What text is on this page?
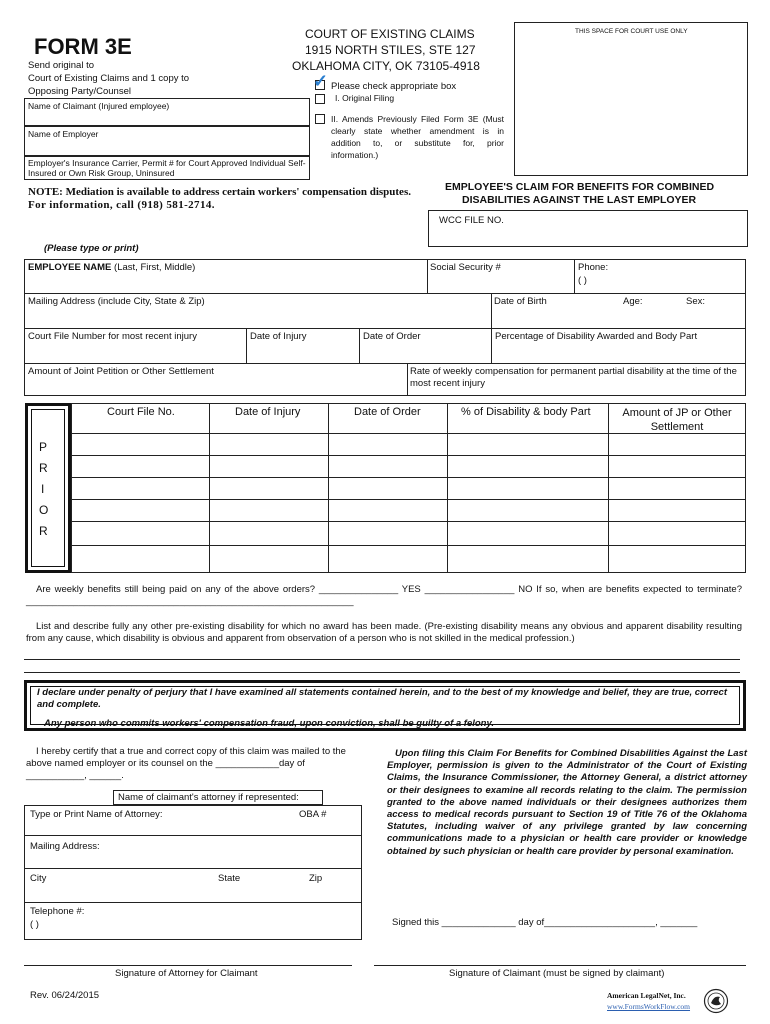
FORM 3E
Send original to
Court of Existing Claims and 1 copy to
Opposing Party/Counsel
COURT OF EXISTING CLAIMS
1915 NORTH STILES, STE 127
OKLAHOMA CITY, OK 73105-4918
THIS SPACE FOR COURT USE ONLY
✓ Please check appropriate box
I. Original Filing
II. Amends Previously Filed Form 3E (Must clearly state whether amendment is in addition to, or substitute for, prior information.)
Name of Claimant (Injured employee)
Name of Employer
Employer's Insurance Carrier, Permit # for Court Approved Individual Self-Insured or Own Risk Group, Uninsured
NOTE: Mediation is available to address certain workers' compensation disputes.
For information, call (918) 581-2714.
EMPLOYEE'S CLAIM FOR BENEFITS FOR COMBINED
DISABILITIES AGAINST THE LAST EMPLOYER
WCC FILE NO.
(Please type or print)
EMPLOYEE NAME (Last, First, Middle)	Social Security #	Phone:
( )
Mailing Address (include City, State & Zip)	Date of Birth	Age:	Sex:
Court File Number for most recent injury	Date of Injury	Date of Order	Percentage of Disability Awarded and Body Part
Amount of Joint Petition or Other Settlement	Rate of weekly compensation for permanent partial disability at the time of the most recent injury
P
R
I
O
R
Court File No.	Date of Injury	Date of Order	% of Disability & body Part	Amount of JP or Other Settlement
Are weekly benefits still being paid on any of the above orders? _______________ YES _________________ NO If so, when are benefits expected to terminate? ______________________________________________________________
List and describe fully any other pre-existing disability for which no award has been made. (Pre-existing disability means any obvious and apparent disability resulting from any cause, which disability is obvious and apparent from observation of a person who is not skilled in the medical profession.)
I declare under penalty of perjury that I have examined all statements contained herein, and to the best of my knowledge and belief, they are true, correct and complete.
Any person who commits workers' compensation fraud, upon conviction, shall be guilty of a felony.
I hereby certify that a true and correct copy of this claim was mailed to the above named employer or its counsel on the ____________day of ___________, ______.
Name of claimant's attorney if represented:
Type or Print Name of Attorney:	OBA #
Mailing Address:
City	State	Zip
Telephone #:
( )
Upon filing this Claim For Benefits for Combined Disabilities Against the Last Employer, permission is given to the Administrator of the Court of Existing Claims, the Insurance Commissioner, the Attorney General, a district attorney or their designees to examine all records relating to the claim. The permission granted to the above named individuals or their designees authorizes them access to medical records pursuant to Section 19 of Title 76 of the Oklahoma Statutes, including waiver of any privilege granted by law concerning communications made to a physician or health care provider or knowledge obtained by such physician or health care provider by personal examination.
Signed this ______________ day of_____________________, _______
Signature of Attorney for Claimant	Signature of Claimant (must be signed by claimant)
Rev. 06/24/2015	American LegalNet, Inc.
www.FormsWorkFlow.com
